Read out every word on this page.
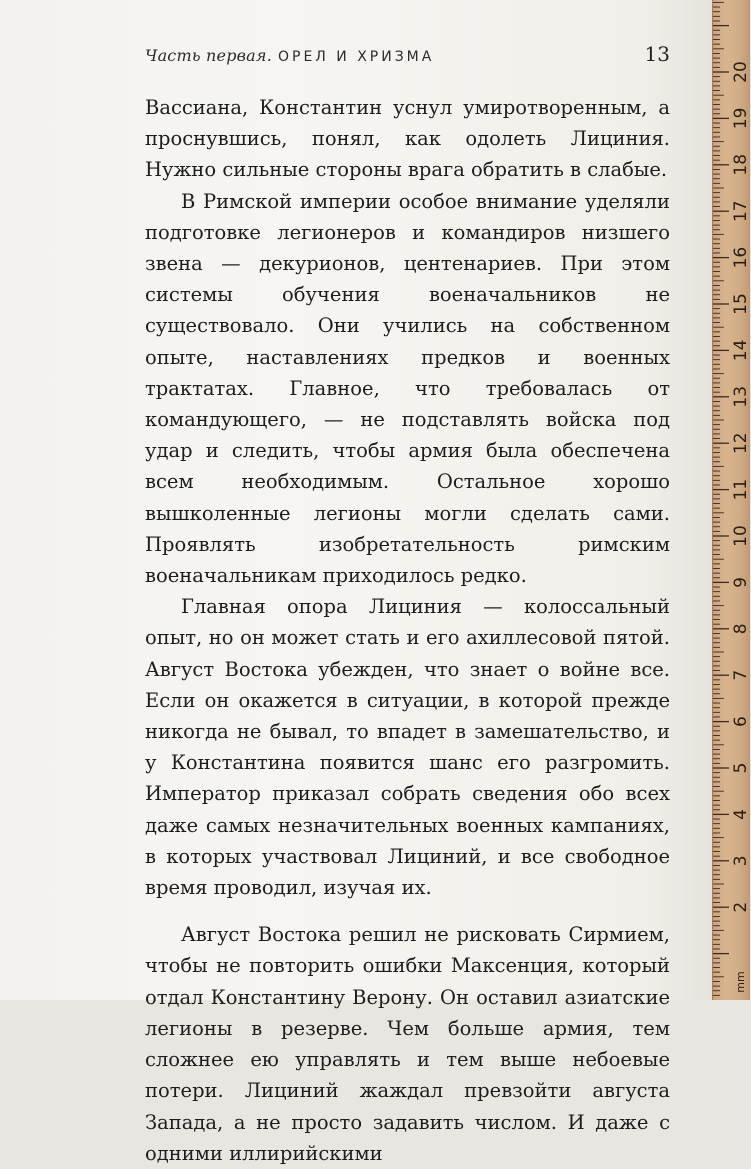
Часть первая. ОРЕЛ И ХРИЗМА	13

Вассиана, Константин уснул умиротворенным, а проснувшись, понял, как одолеть Лициния. Нужно сильные стороны врага обратить в слабые.

В Римской империи особое внимание уделяли подготовке легионеров и командиров низшего звена — декурионов, центенариев. При этом системы обучения военачальников не существовало. Они учились на собственном опыте, наставлениях предков и военных трактатах. Главное, что требовалась от командующего, — не подставлять войска под удар и следить, чтобы армия была обеспечена всем необходимым. Остальное хорошо вышколенные легионы могли сделать сами. Проявлять изобретательность римским военачальникам приходилось редко.

Главная опора Лициния — колоссальный опыт, но он может стать и его ахиллесовой пятой. Август Востока убежден, что знает о войне все. Если он окажется в ситуации, в которой прежде никогда не бывал, то впадет в замешательство, и у Константина появится шанс его разгромить. Император приказал собрать сведения обо всех даже самых незначительных военных кампаниях, в которых участвовал Лициний, и все свободное время проводил, изучая их.

Август Востока решил не рисковать Сирмием, чтобы не повторить ошибки Максенция, который отдал Константину Верону. Он оставил азиатские легионы в резерве. Чем больше армия, тем сложнее ею управлять и тем выше небоевые потери. Лициний жаждал превзойти августа Запада, а не просто задавить числом. И даже с одними иллирийскими

2
3
4
5
6
7
8
9
10
11
12
13
14
15
16
17
18
19
20
mm
